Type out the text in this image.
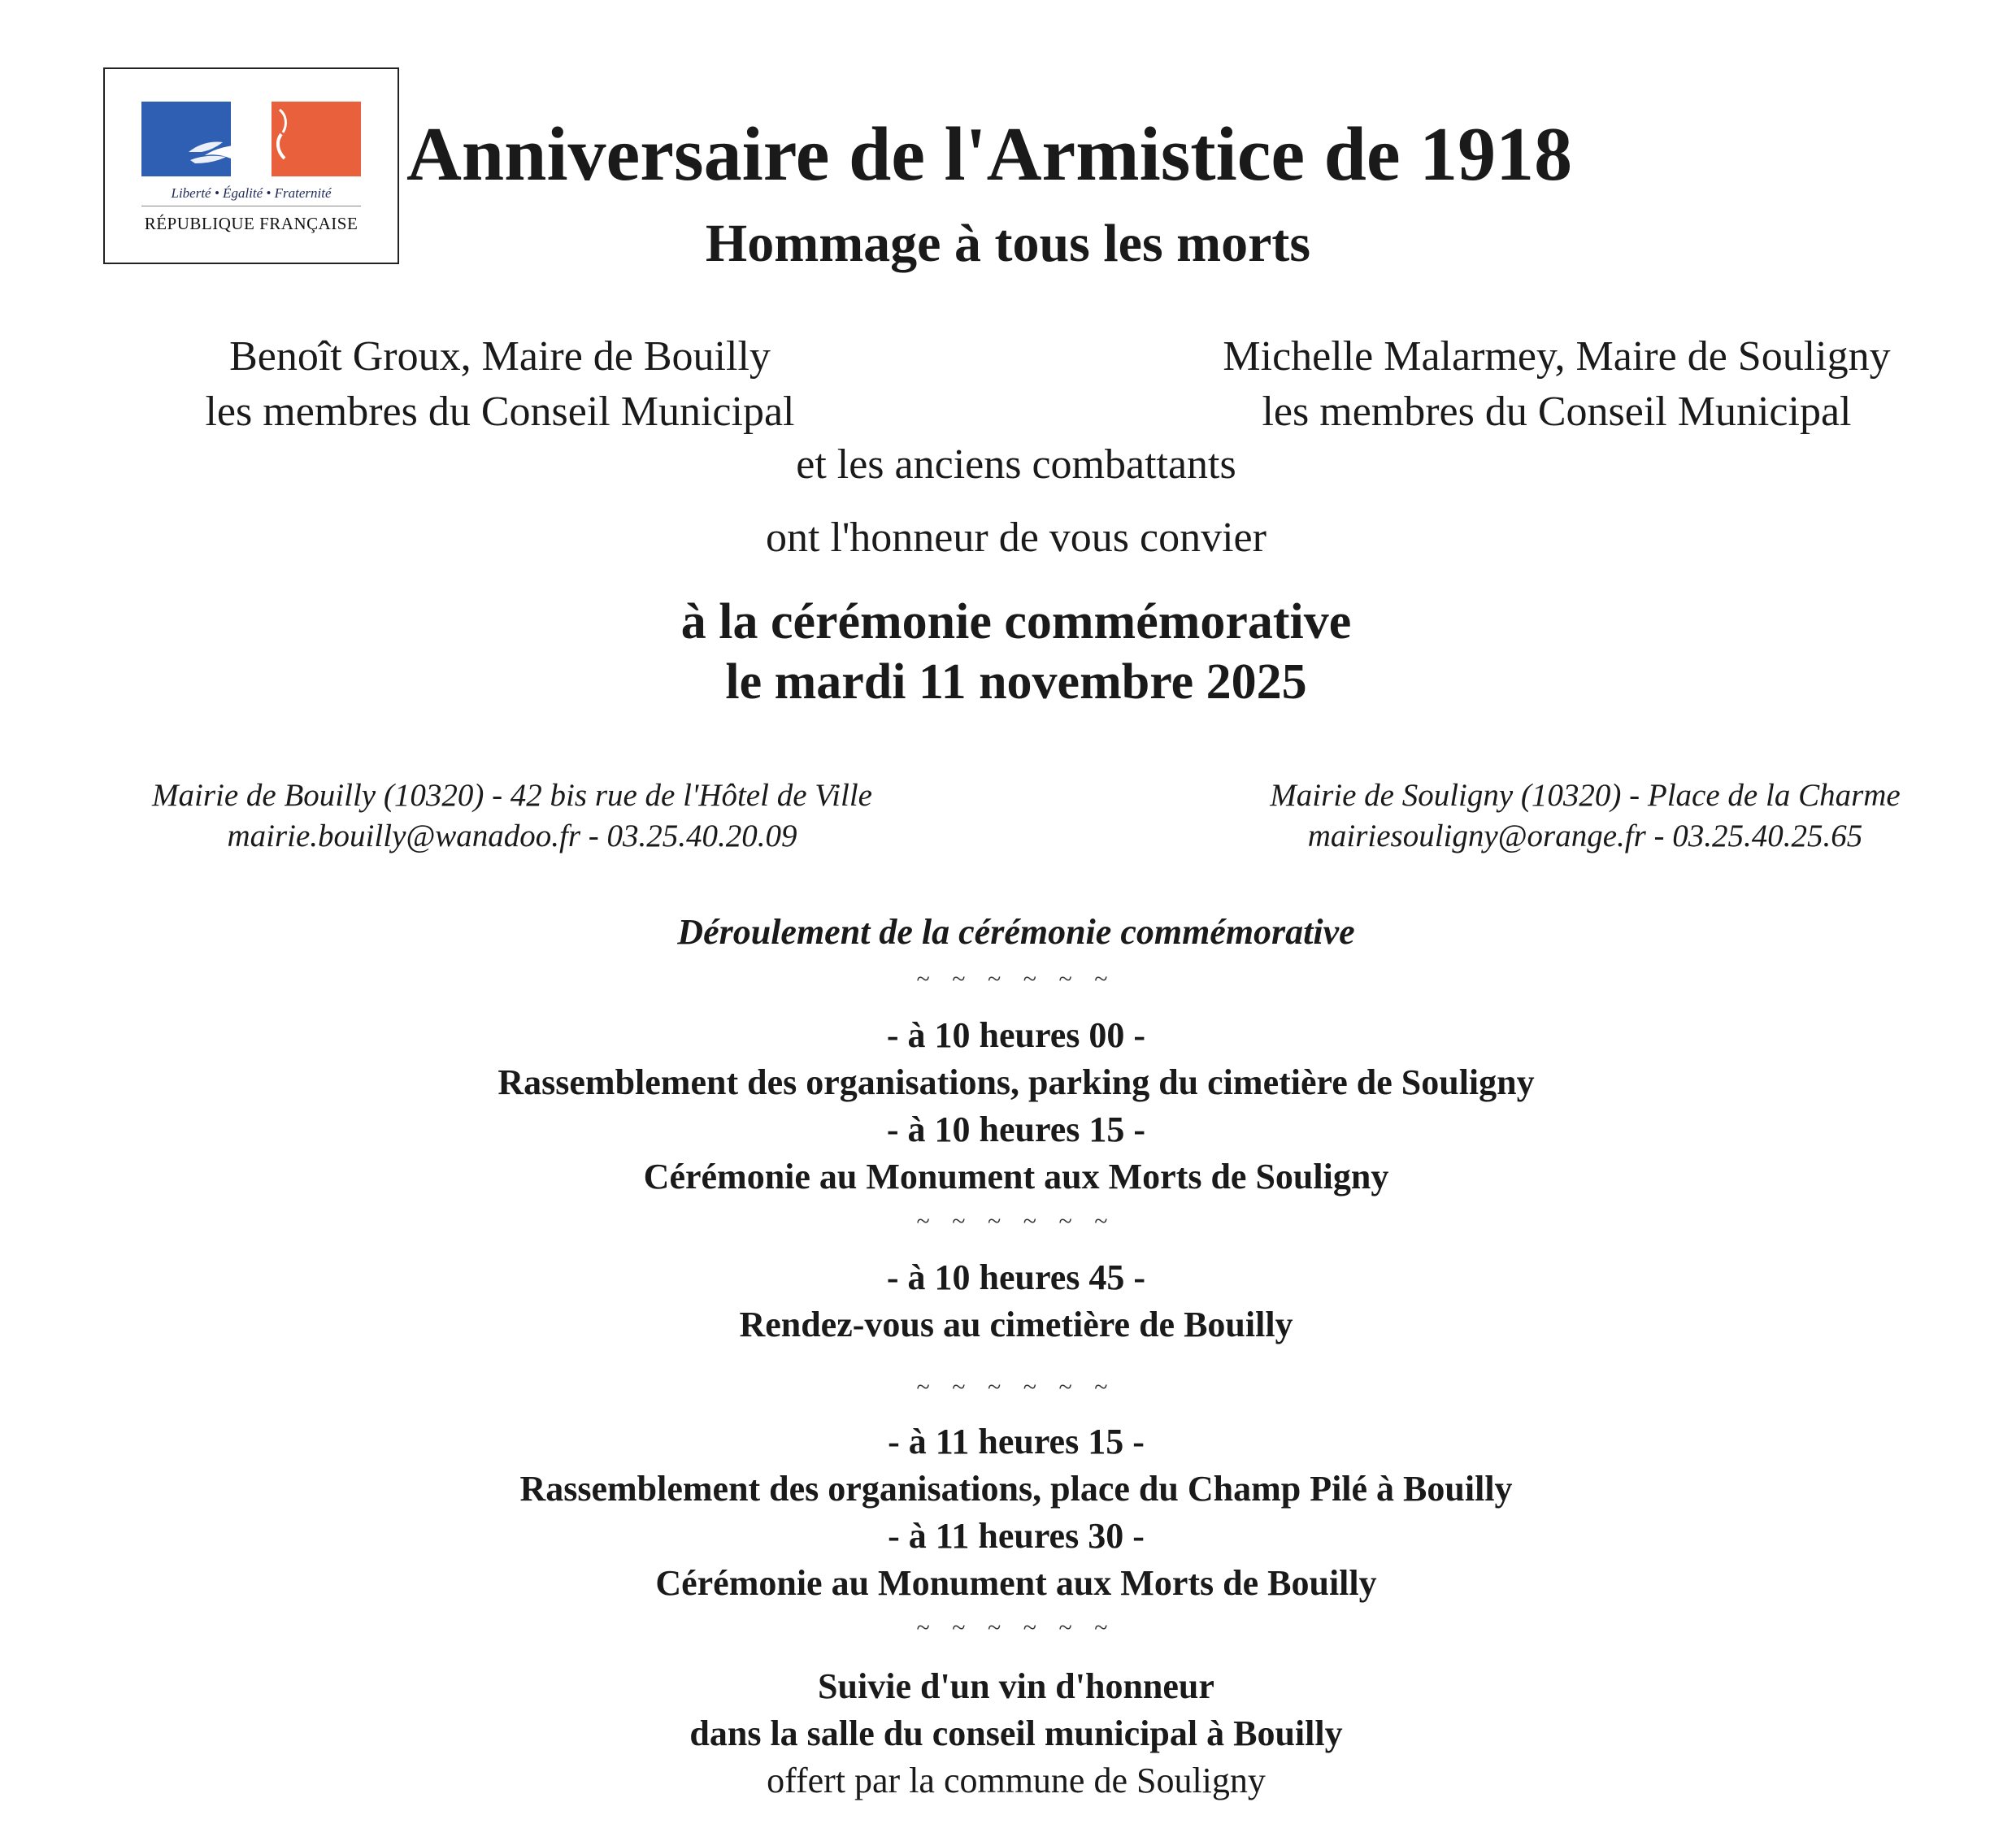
Liberté • Égalité • Fraternité
RÉPUBLIQUE FRANÇAISE
Anniversaire de l'Armistice de 1918
Hommage à tous les morts
Benoît Groux, Maire de Bouilly
les membres du Conseil Municipal
Michelle Malarmey, Maire de Souligny
les membres du Conseil Municipal
et les anciens combattants
ont l'honneur de vous convier
à la cérémonie commémorative
le mardi 11 novembre 2025
Mairie de Bouilly (10320) - 42 bis rue de l'Hôtel de Ville
mairie.bouilly@wanadoo.fr - 03.25.40.20.09
Mairie de Souligny (10320) - Place de la Charme
mairiesouligny@orange.fr - 03.25.40.25.65
Déroulement de la cérémonie commémorative
~ ~ ~ ~ ~ ~
- à 10 heures 00 -
Rassemblement des organisations, parking du cimetière de Souligny
- à 10 heures 15 -
Cérémonie au Monument aux Morts de Souligny
~ ~ ~ ~ ~ ~
- à 10 heures 45 -
Rendez-vous au cimetière de Bouilly
~ ~ ~ ~ ~ ~
- à 11 heures 15 -
Rassemblement des organisations, place du Champ Pilé à Bouilly
- à 11 heures 30 -
Cérémonie au Monument aux Morts de Bouilly
~ ~ ~ ~ ~ ~
Suivie d'un vin d'honneur
dans la salle du conseil municipal à Bouilly
offert par la commune de Souligny
